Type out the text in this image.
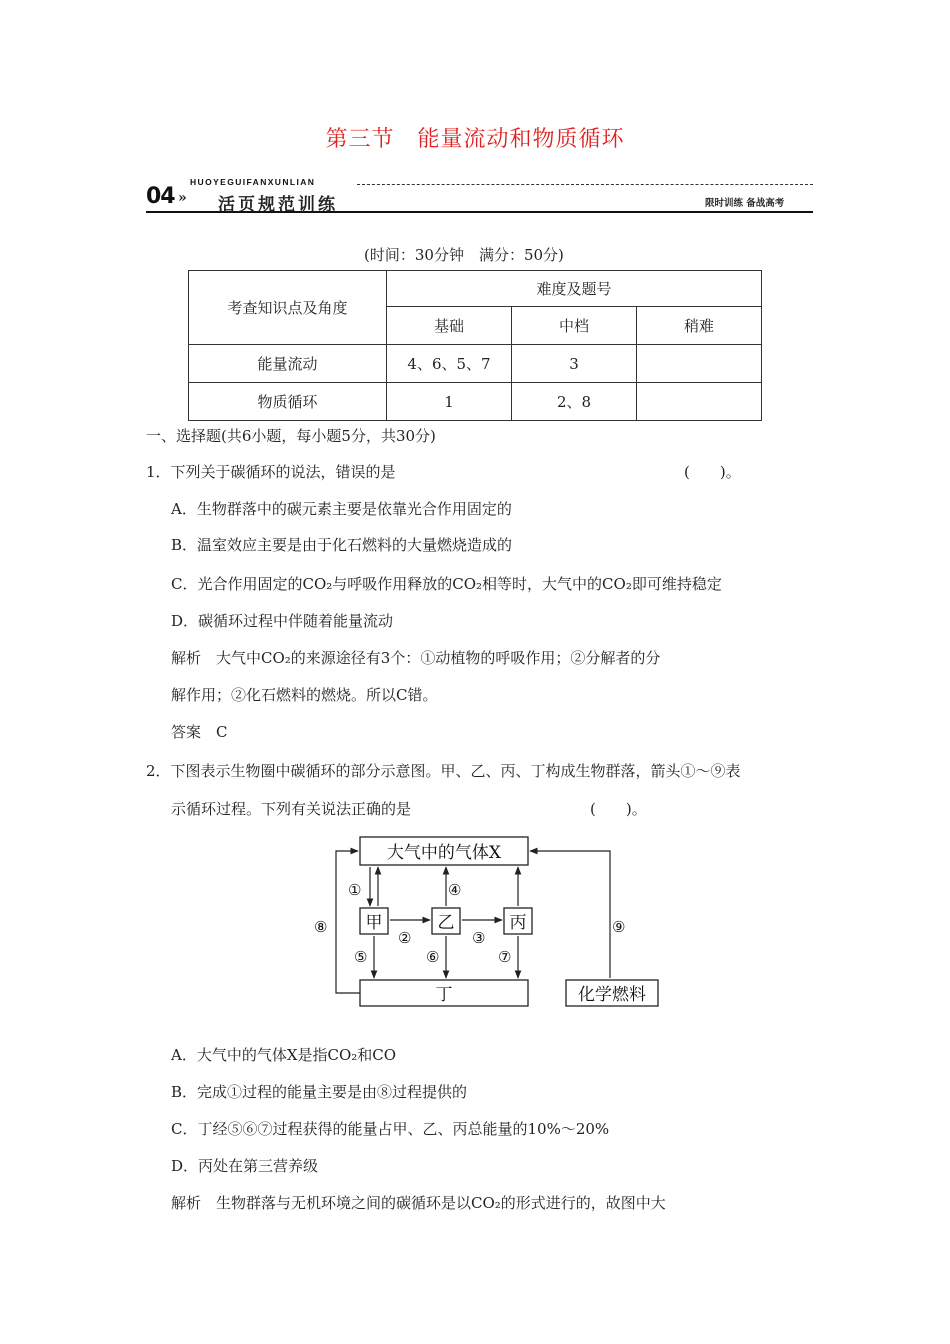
第三节　能量流动和物质循环
04 »
HUOYEGUIFANXUNLIAN
活页规范训练	限时训练 备战高考
(时间：30分钟　满分：50分)
考查知识点及角度	难度及题号		
	基础	中档	稍难
能量流动	4、6、5、7	3	
物质循环	1	2、8	
一、选择题(共6小题，每小题5分，共30分)
1．下列关于碳循环的说法，错误的是	(　　)。
A．生物群落中的碳元素主要是依靠光合作用固定的
B．温室效应主要是由于化石燃料的大量燃烧造成的
C．光合作用固定的CO₂与呼吸作用释放的CO₂相等时，大气中的CO₂即可维持稳定
D．碳循环过程中伴随着能量流动
解析　大气中CO₂的来源途径有3个：①动植物的呼吸作用；②分解者的分
解作用；②化石燃料的燃烧。所以C错。
答案　C
2．下图表示生物圈中碳循环的部分示意图。甲、乙、丙、丁构成生物群落，箭头①～⑨表
示循环过程。下列有关说法正确的是	(　　)。
大气中的气体X
甲	乙	丙
丁	化学燃料
①
②	③
④
⑤	⑥	⑦
⑧	⑨
A．大气中的气体X是指CO₂和CO
B．完成①过程的能量主要是由⑧过程提供的
C．丁经⑤⑥⑦过程获得的能量占甲、乙、丙总能量的10%～20%
D．丙处在第三营养级
解析　生物群落与无机环境之间的碳循环是以CO₂的形式进行的，故图中大
